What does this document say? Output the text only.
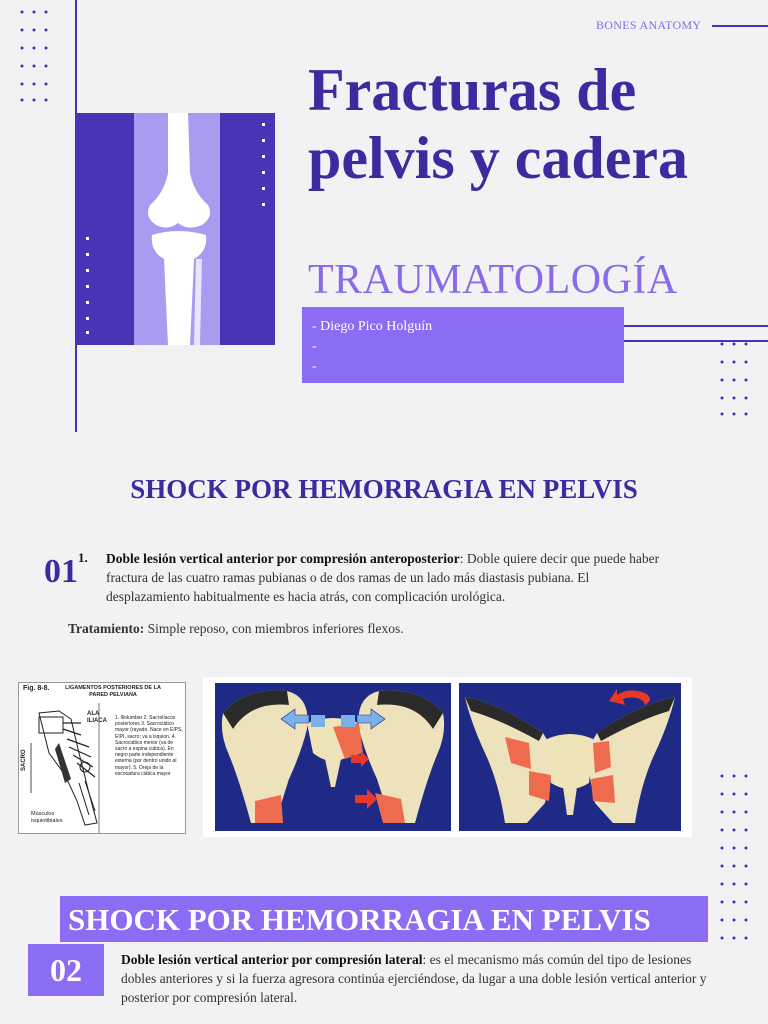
BONES ANATOMY
Fracturas de pelvis y cadera
TRAUMATOLOGÍA
- Diego Pico Holguín
-
-
SHOCK POR HEMORRAGIA EN PELVIS
01 1. Doble lesión vertical anterior por compresión anteroposterior: Doble quiere decir que puede haber fractura de las cuatro ramas pubianas o de dos ramas de un lado más diastasis pubiana. El desplazamiento habitualmente es hacia atrás, con complicación urológica.

Tratamiento: Simple reposo, con miembros inferiores flexos.

Fig. 8-8.	LIGAMENTOS POSTERIORES DE LA PARED PELVIANA
ALA ILIACA
SACRO
Músculos isquiotibiales
1. Iliolumbar 2. Sacrolíacos posteriores 3. Sacrociático mayor (rayado. Nace en EIPS, EIPI, sacro; va a isquion. 4. Sacrociático menor (va de sacro a espina ciática). En negro parte independiente externa (por dentro unido al mayor). 5. Oreja de la escotadura ciática mayor
SHOCK POR HEMORRAGIA EN PELVIS
02	Doble lesión vertical anterior por compresión lateral: es el mecanismo más común del tipo de lesiones dobles anteriores y si la fuerza agresora continúa ejerciéndose, da lugar a una doble lesión vertical anterior y posterior por compresión lateral.
